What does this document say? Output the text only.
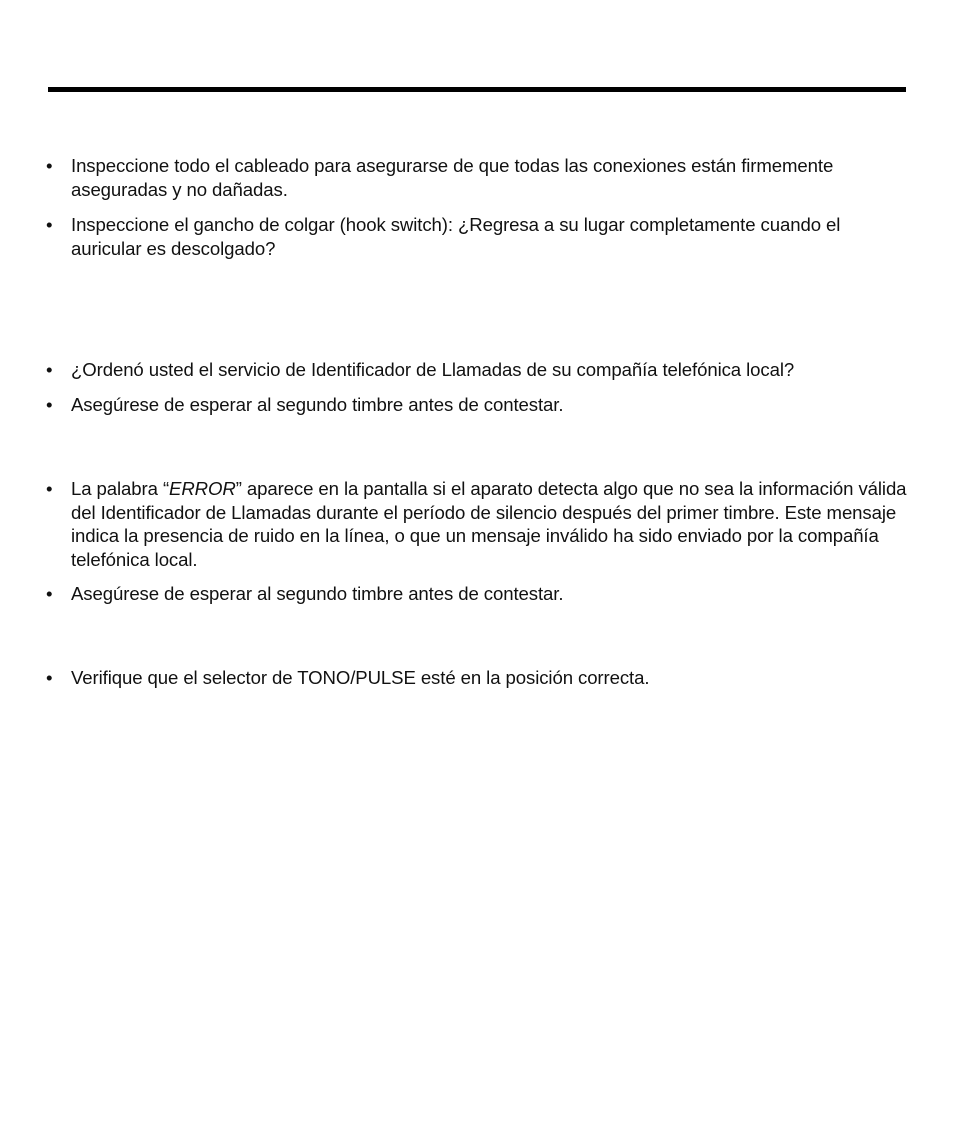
• Inspeccione todo el cableado para asegurarse de que todas las conexiones están firmemente aseguradas y no dañadas.
• Inspeccione el gancho de colgar (hook switch): ¿Regresa a su lugar completamente cuando el auricular es descolgado?
• ¿Ordenó usted el servicio de Identificador de Llamadas de su compañía telefónica local?
• Asegúrese de esperar al segundo timbre antes de contestar.
• La palabra “ERROR” aparece en la pantalla si el aparato detecta algo que no sea la información válida del Identificador de Llamadas durante el período de silencio después del primer timbre. Este mensaje indica la presencia de ruido en la línea, o que un mensaje inválido ha sido enviado por la compañía telefónica local.
• Asegúrese de esperar al segundo timbre antes de contestar.
• Verifique que el selector de TONO/PULSE esté en la posición correcta.
